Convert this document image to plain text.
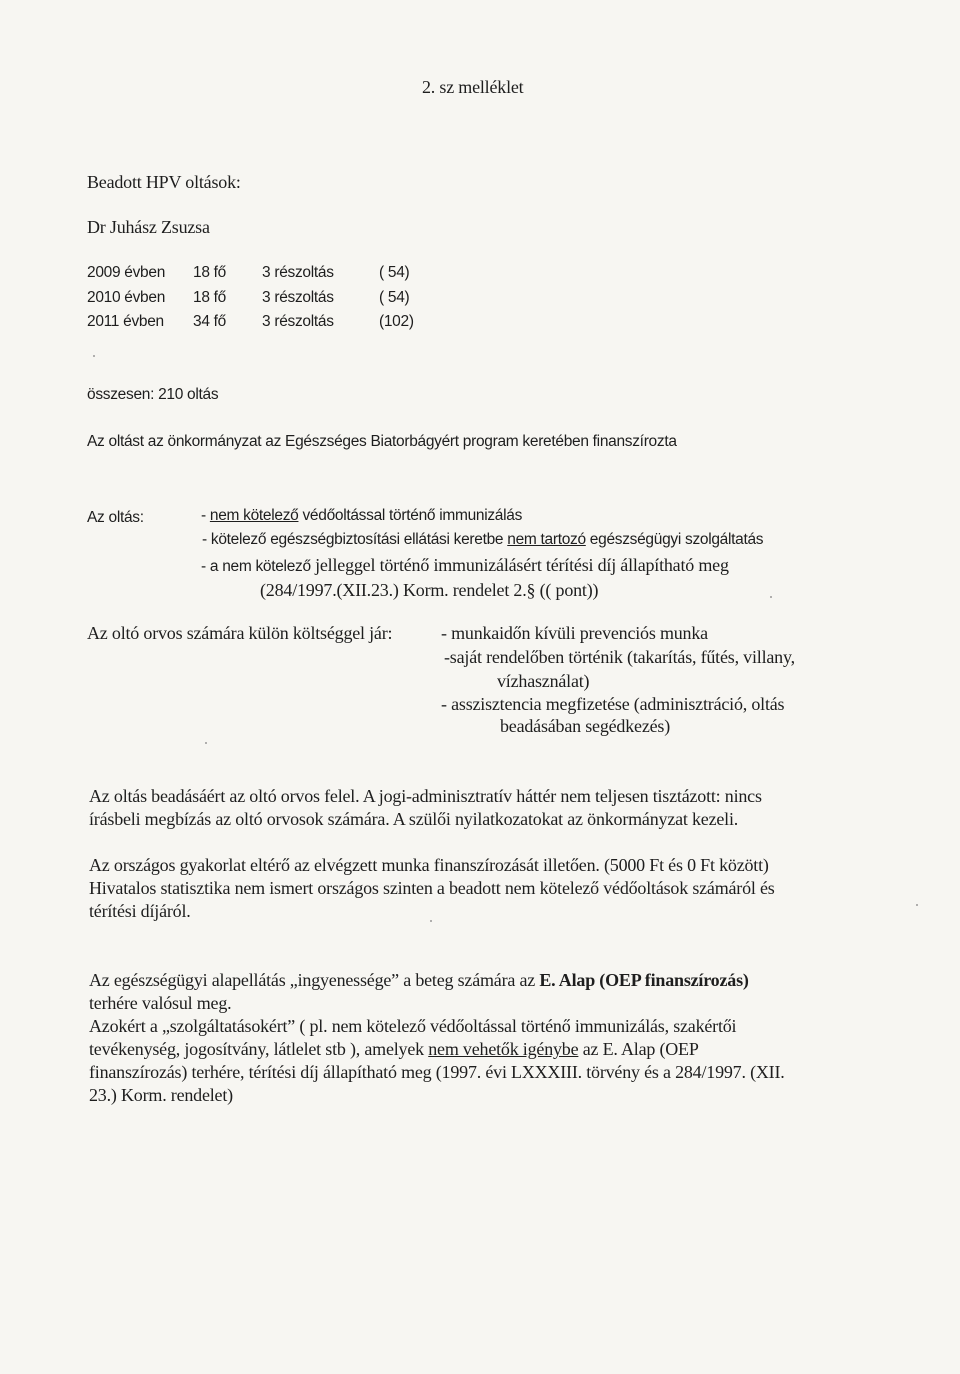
2. sz melléklet
Beadott HPV oltások:
Dr Juhász Zsuzsa
2009 évben 18 fő 3 részoltás	( 54)
2010 évben 18 fő 3 részoltás	( 54)
2011 évben 34 fő 3 részoltás	(102)
összesen: 210 oltás
Az oltást az önkormányzat az Egészséges Biatorbágyért program keretében finanszírozta
Az oltás:	- nem kötelező védőoltással történő immunizálás
- kötelező egészségbiztosítási ellátási keretbe nem tartozó egészségügyi szolgáltatás
- a nem kötelező jelleggel történő immunizálásért térítési díj állapítható meg
(284/1997.(XII.23.) Korm. rendelet 2.§ (( pont))
Az oltó orvos számára külön költséggel jár:	- munkaidőn kívüli prevenciós munka
-saját rendelőben történik (takarítás, fűtés, villany,
vízhasználat)
- asszisztencia megfizetése (adminisztráció, oltás
beadásában segédkezés)
Az oltás beadásáért az oltó orvos felel. A jogi-adminisztratív háttér nem teljesen tisztázott: nincs
írásbeli megbízás az oltó orvosok számára. A szülői nyilatkozatokat az önkormányzat kezeli.
Az országos gyakorlat eltérő az elvégzett munka finanszírozását illetően. (5000 Ft és 0 Ft között)
Hivatalos statisztika nem ismert országos szinten a beadott nem kötelező védőoltások számáról és
térítési díjáról.
Az egészségügyi alapellátás „ingyenessége” a beteg számára az E. Alap (OEP finanszírozás)
terhére valósul meg.
Azokért a „szolgáltatásokért” ( pl. nem kötelező védőoltással történő immunizálás, szakértői
tevékenység, jogosítvány, látlelet stb ), amelyek nem vehetők igénybe az E. Alap (OEP
finanszírozás) terhére, térítési díj állapítható meg (1997. évi LXXXIII. törvény és a 284/1997. (XII.
23.) Korm. rendelet)
